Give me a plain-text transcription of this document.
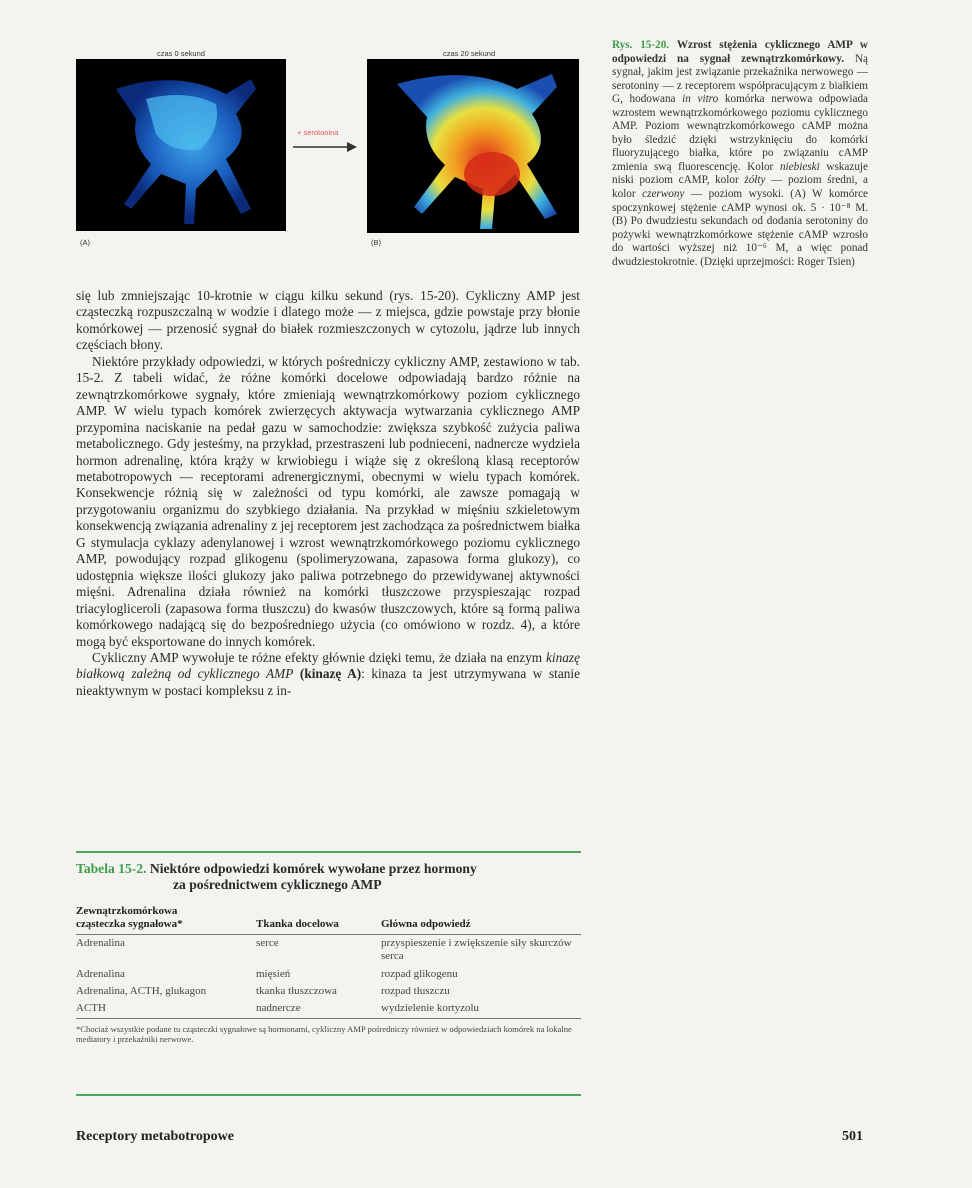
czas 0 sekund
(A)
+ serotonina
czas 20 sekund
(B)
Rys. 15-20. Wzrost stężenia cyklicznego AMP w odpowiedzi na sygnał zewnątrzkomórkowy. Ną sygnał, jakim jest związanie przekaźnika nerwowego — serotoniny — z receptorem współpracującym z białkiem G, hodowana in vitro komórka nerwowa odpowiada wzrostem wewnątrzkomórkowego poziomu cyklicznego AMP. Poziom wewnątrzkomórkowego cAMP można było śledzić dzięki wstrzyknięciu do komórki fluoryzującego białka, które po związaniu cAMP zmienia swą fluorescencję. Kolor niebieski wskazuje niski poziom cAMP, kolor żółty — poziom średni, a kolor czerwony — poziom wysoki. (A) W komórce spoczynkowej stężenie cAMP wynosi ok. 5 · 10⁻⁸ M. (B) Po dwudziestu sekundach od dodania serotoniny do pożywki wewnątrzkomórkowe stężenie cAMP wzrosło do wartości wyższej niż 10⁻⁶ M, a więc ponad dwudziestokrotnie. (Dzięki uprzejmości: Roger Tsien)

się lub zmniejszając 10-krotnie w ciągu kilku sekund (rys. 15-20). Cykliczny AMP jest cząsteczką rozpuszczalną w wodzie i dlatego może — z miejsca, gdzie powstaje przy błonie komórkowej — przenosić sygnał do białek rozmieszczonych w cytozolu, jądrze lub innych częściach błony.

Niektóre przykłady odpowiedzi, w których pośredniczy cykliczny AMP, zestawiono w tab. 15-2. Z tabeli widać, że różne komórki docelowe odpowiadają bardzo różnie na zewnątrzkomórkowe sygnały, które zmieniają wewnątrzkomórkowy poziom cyklicznego AMP. W wielu typach komórek zwierzęcych aktywacja wytwarzania cyklicznego AMP przypomina naciskanie na pedał gazu w samochodzie: zwiększa szybkość zużycia paliwa metabolicznego. Gdy jesteśmy, na przykład, przestraszeni lub podnieceni, nadnercze wydziela hormon adrenalinę, która krąży w krwiobiegu i wiąże się z określoną klasą receptorów metabotropowych — receptorami adrenergicznymi, obecnymi w wielu typach komórek. Konsekwencje różnią się w zależności od typu komórki, ale zawsze pomagają w przygotowaniu organizmu do szybkiego działania. Na przykład w mięśniu szkieletowym konsekwencją związania adrenaliny z jej receptorem jest zachodząca za pośrednictwem białka G stymulacja cyklazy adenylanowej i wzrost wewnątrzkomórkowego poziomu cyklicznego AMP, powodujący rozpad glikogenu (spolimeryzowana, zapasowa forma glukozy), co udostępnia większe ilości glukozy jako paliwa potrzebnego do przewidywanej aktywności mięśni. Adrenalina działa również na komórki tłuszczowe przyspieszając rozpad triacylogliceroli (zapasowa forma tłuszczu) do kwasów tłuszczowych, które są formą paliwa komórkowego nadającą się do bezpośredniego użycia (co omówiono w rozdz. 4), a które mogą być eksportowane do innych komórek.

Cykliczny AMP wywołuje te różne efekty głównie dzięki temu, że działa na enzym kinazę białkową zależną od cyklicznego AMP (kinazę A): kinaza ta jest utrzymywana w stanie nieaktywnym w postaci kompleksu z in-

Tabela 15-2. Niektóre odpowiedzi komórek wywołane przez hormony
za pośrednictwem cyklicznego AMP
Zewnątrzkomórkowa cząsteczka sygnałowa*	Tkanka docelowa	Główna odpowiedź
Adrenalina	serce	przyspieszenie i zwiększenie siły skurczów serca
Adrenalina	mięsień	rozpad glikogenu
Adrenalina, ACTH, glukagon	tkanka tłuszczowa	rozpad tłuszczu
ACTH	nadnercze	wydzielenie kortyzolu
*Chociaż wszystkie podane tu cząsteczki sygnałowe są hormonami, cykliczny AMP pośredniczy również w odpowiedziach komórek na lokalne mediatory i przekaźniki nerwowe.
Receptory metabotropowe	501
